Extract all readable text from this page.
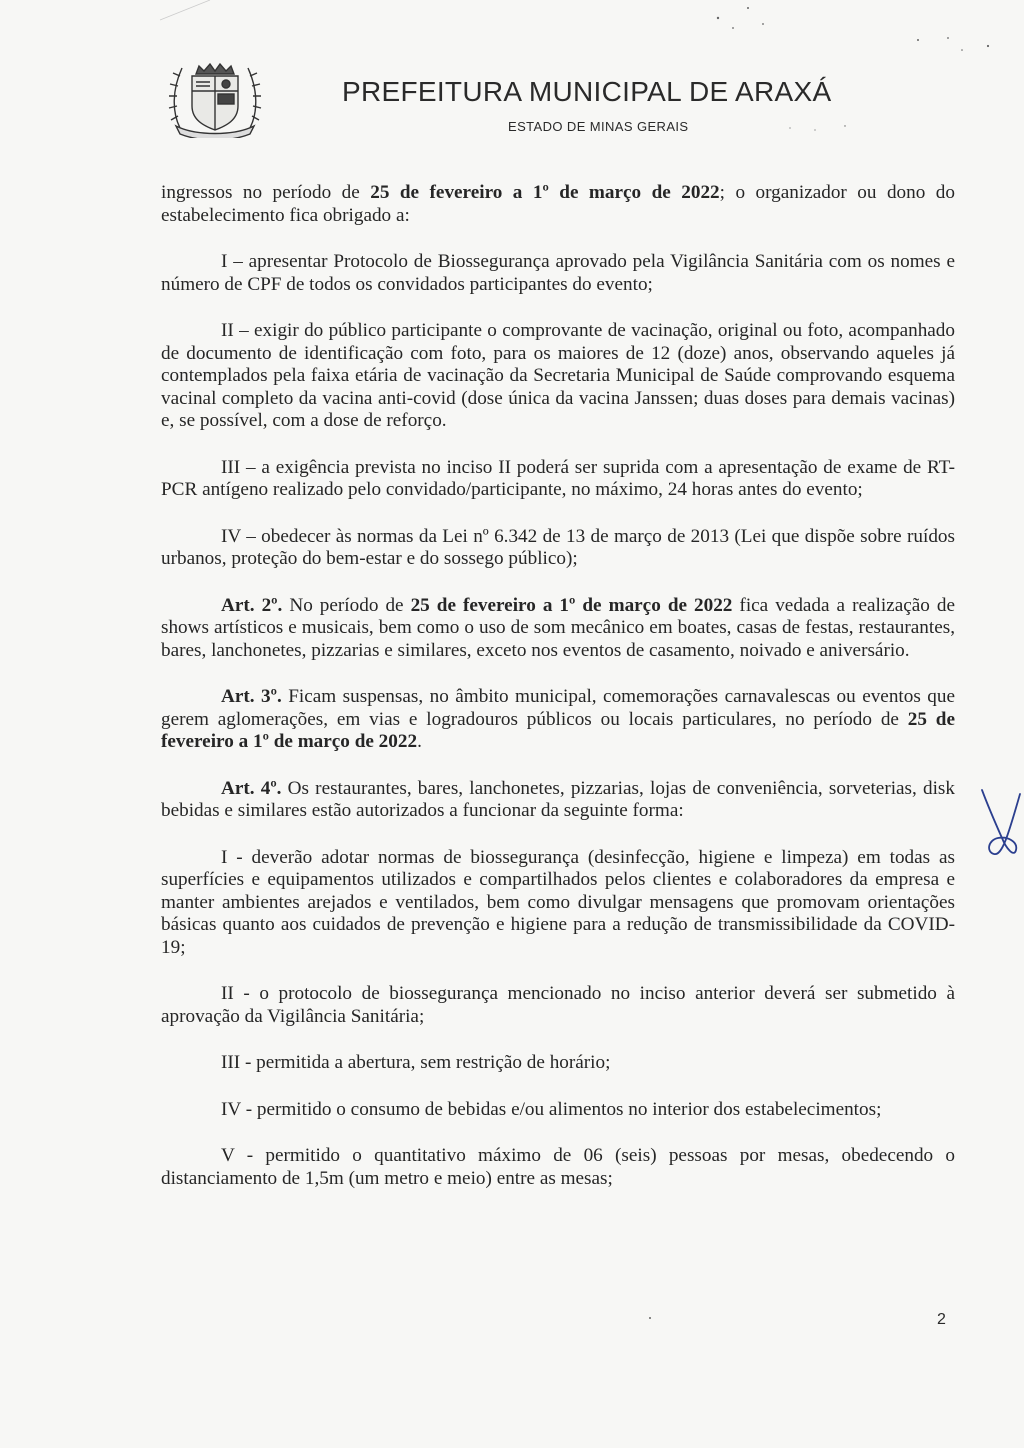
PREFEITURA MUNICIPAL DE ARAXÁ
ESTADO DE MINAS GERAIS

ingressos no período de 25 de fevereiro a 1º de março de 2022; o organizador ou dono do estabelecimento fica obrigado a:

I – apresentar Protocolo de Biossegurança aprovado pela Vigilância Sanitária com os nomes e número de CPF de todos os convidados participantes do evento;

II – exigir do público participante o comprovante de vacinação, original ou foto, acompanhado de documento de identificação com foto, para os maiores de 12 (doze) anos, observando aqueles já contemplados pela faixa etária de vacinação da Secretaria Municipal de Saúde comprovando esquema vacinal completo da vacina anti-covid (dose única da vacina Janssen; duas doses para demais vacinas) e, se possível, com a dose de reforço.

III – a exigência prevista no inciso II poderá ser suprida com a apresentação de exame de RT-PCR antígeno realizado pelo convidado/participante, no máximo, 24 horas antes do evento;

IV – obedecer às normas da Lei nº 6.342 de 13 de março de 2013 (Lei que dispõe sobre ruídos urbanos, proteção do bem-estar e do sossego público);

Art. 2º. No período de 25 de fevereiro a 1º de março de 2022 fica vedada a realização de shows artísticos e musicais, bem como o uso de som mecânico em boates, casas de festas, restaurantes, bares, lanchonetes, pizzarias e similares, exceto nos eventos de casamento, noivado e aniversário.

Art. 3º. Ficam suspensas, no âmbito municipal, comemorações carnavalescas ou eventos que gerem aglomerações, em vias e logradouros públicos ou locais particulares, no período de 25 de fevereiro a 1º de março de 2022.

Art. 4º. Os restaurantes, bares, lanchonetes, pizzarias, lojas de conveniência, sorveterias, disk bebidas e similares estão autorizados a funcionar da seguinte forma:

I - deverão adotar normas de biossegurança (desinfecção, higiene e limpeza) em todas as superfícies e equipamentos utilizados e compartilhados pelos clientes e colaboradores da empresa e manter ambientes arejados e ventilados, bem como divulgar mensagens que promovam orientações básicas quanto aos cuidados de prevenção e higiene para a redução de transmissibilidade da COVID-19;

II - o protocolo de biossegurança mencionado no inciso anterior deverá ser submetido à aprovação da Vigilância Sanitária;

III - permitida a abertura, sem restrição de horário;

IV - permitido o consumo de bebidas e/ou alimentos no interior dos estabelecimentos;

V - permitido o quantitativo máximo de 06 (seis) pessoas por mesas, obedecendo o distanciamento de 1,5m (um metro e meio) entre as mesas;

2
